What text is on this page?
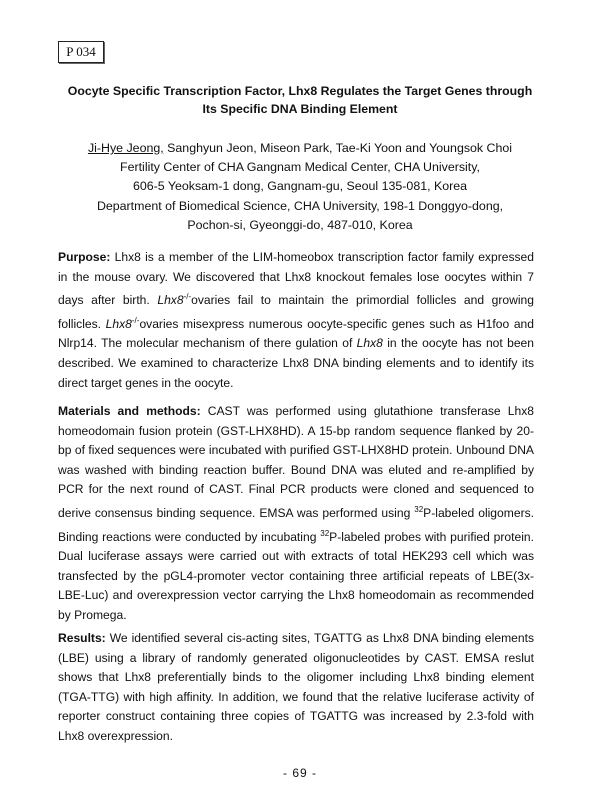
P 034
Oocyte Specific Transcription Factor, Lhx8 Regulates the Target Genes through
Its Specific DNA Binding Element
Ji-Hye Jeong, Sanghyun Jeon, Miseon Park, Tae-Ki Yoon and Youngsok Choi
Fertility Center of CHA Gangnam Medical Center, CHA University,
606-5 Yeoksam-1 dong, Gangnam-gu, Seoul 135-081, Korea
Department of Biomedical Science, CHA University, 198-1 Donggyo-dong,
Pochon-si, Gyeonggi-do, 487-010, Korea
Purpose: Lhx8 is a member of the LIM-homeobox transcription factor family expressed in the mouse ovary. We discovered that Lhx8 knockout females lose oocytes within 7 days after birth. Lhx8-/-ovaries fail to maintain the primordial follicles and growing follicles. Lhx8-/-ovaries misexpress numerous oocyte-specific genes such as H1foo and Nlrp14. The molecular mechanism of there gulation of Lhx8 in the oocyte has not been described. We examined to characterize Lhx8 DNA binding elements and to identify its direct target genes in the oocyte.
Materials and methods: CAST was performed using glutathione transferase Lhx8 homeodomain fusion protein (GST-LHX8HD). A 15-bp random sequence flanked by 20-bp of fixed sequences were incubated with purified GST-LHX8HD protein. Unbound DNA was washed with binding reaction buffer. Bound DNA was eluted and re-amplified by PCR for the next round of CAST. Final PCR products were cloned and sequenced to derive consensus binding sequence. EMSA was performed using $^{32}$P-labeled oligomers. Binding reactions were conducted by incubating $^{32}$P-labeled probes with purified protein. Dual luciferase assays were carried out with extracts of total HEK293 cell which was transfected by the pGL4-promoter vector containing three artificial repeats of LBE(3x-LBE-Luc) and overexpression vector carrying the Lhx8 homeodomain as recommended by Promega.
Results: We identified several cis-acting sites, TGATTG as Lhx8 DNA binding elements (LBE) using a library of randomly generated oligonucleotides by CAST. EMSA reslut shows that Lhx8 preferentially binds to the oligomer including Lhx8 binding element (TGA-TTG) with high affinity. In addition, we found that the relative luciferase activity of reporter construct containing three copies of TGATTG was increased by 2.3-fold with Lhx8 overexpression.
- 69 -
